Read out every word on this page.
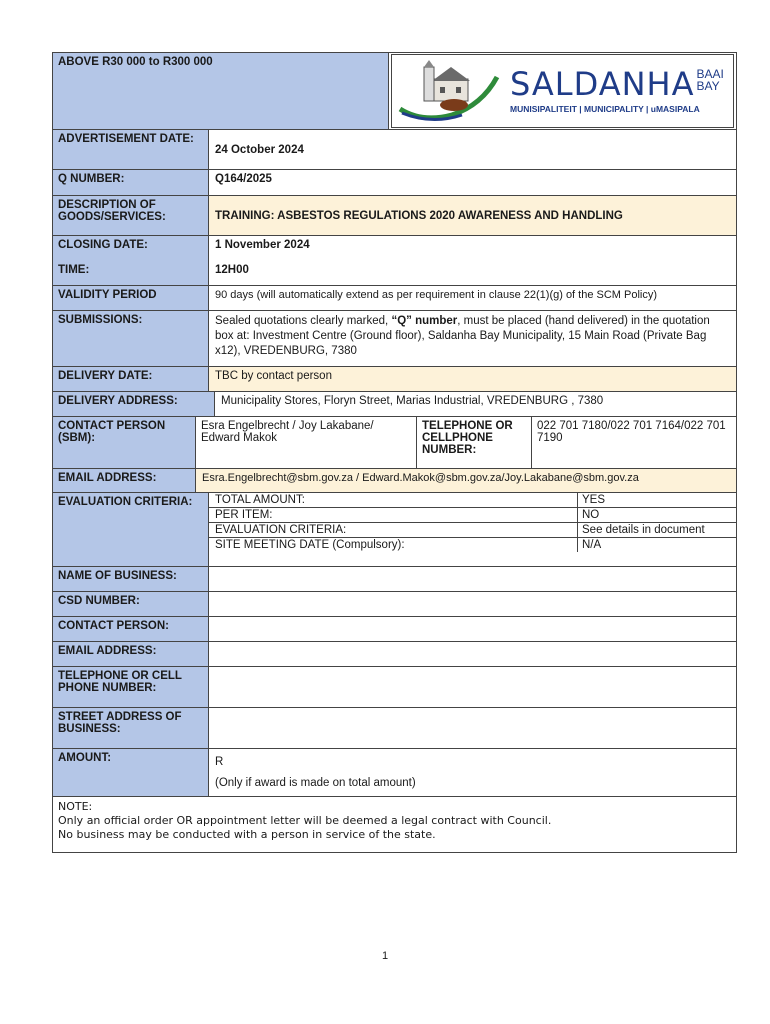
ABOVE R30 000 to R300 000
SALDANHA BAAI
BAY
MUNISIPALITEIT | MUNICIPALITY | uMASIPALA
ADVERTISEMENT DATE:
24 October 2024
Q NUMBER:	Q164/2025
DESCRIPTION OF GOODS/SERVICES:	TRAINING: ASBESTOS REGULATIONS 2020 AWARENESS AND HANDLING
CLOSING DATE:	1 November 2024
TIME:	12H00
VALIDITY PERIOD	90 days (will automatically extend as per requirement in clause 22(1)(g) of the SCM Policy)
SUBMISSIONS:	Sealed quotations clearly marked, “Q” number, must be placed (hand delivered) in the quotation box at: Investment Centre (Ground floor), Saldanha Bay Municipality, 15 Main Road (Private Bag x12), VREDENBURG, 7380
DELIVERY DATE:	TBC by contact person
DELIVERY ADDRESS:	Municipality Stores, Floryn Street, Marias Industrial, VREDENBURG , 7380
CONTACT PERSON (SBM):
Esra Engelbrecht / Joy Lakabane/ Edward Makok
TELEPHONE OR CELLPHONE NUMBER:
022 701 7180/022 701 7164/022 701 7190
EMAIL ADDRESS:	Esra.Engelbrecht@sbm.gov.za / Edward.Makok@sbm.gov.za/Joy.Lakabane@sbm.gov.za
EVALUATION CRITERIA:	TOTAL AMOUNT:	YES
PER ITEM:	NO
EVALUATION CRITERIA:	See details in document
SITE MEETING DATE (Compulsory):	N/A
NAME OF BUSINESS:
CSD NUMBER:
CONTACT PERSON:
EMAIL ADDRESS:
TELEPHONE OR CELL PHONE NUMBER:
STREET ADDRESS OF BUSINESS:
AMOUNT:	R
(Only if award is made on total amount)
NOTE:
Only an official order OR appointment letter will be deemed a legal contract with Council.
No business may be conducted with a person in service of the state.
1
